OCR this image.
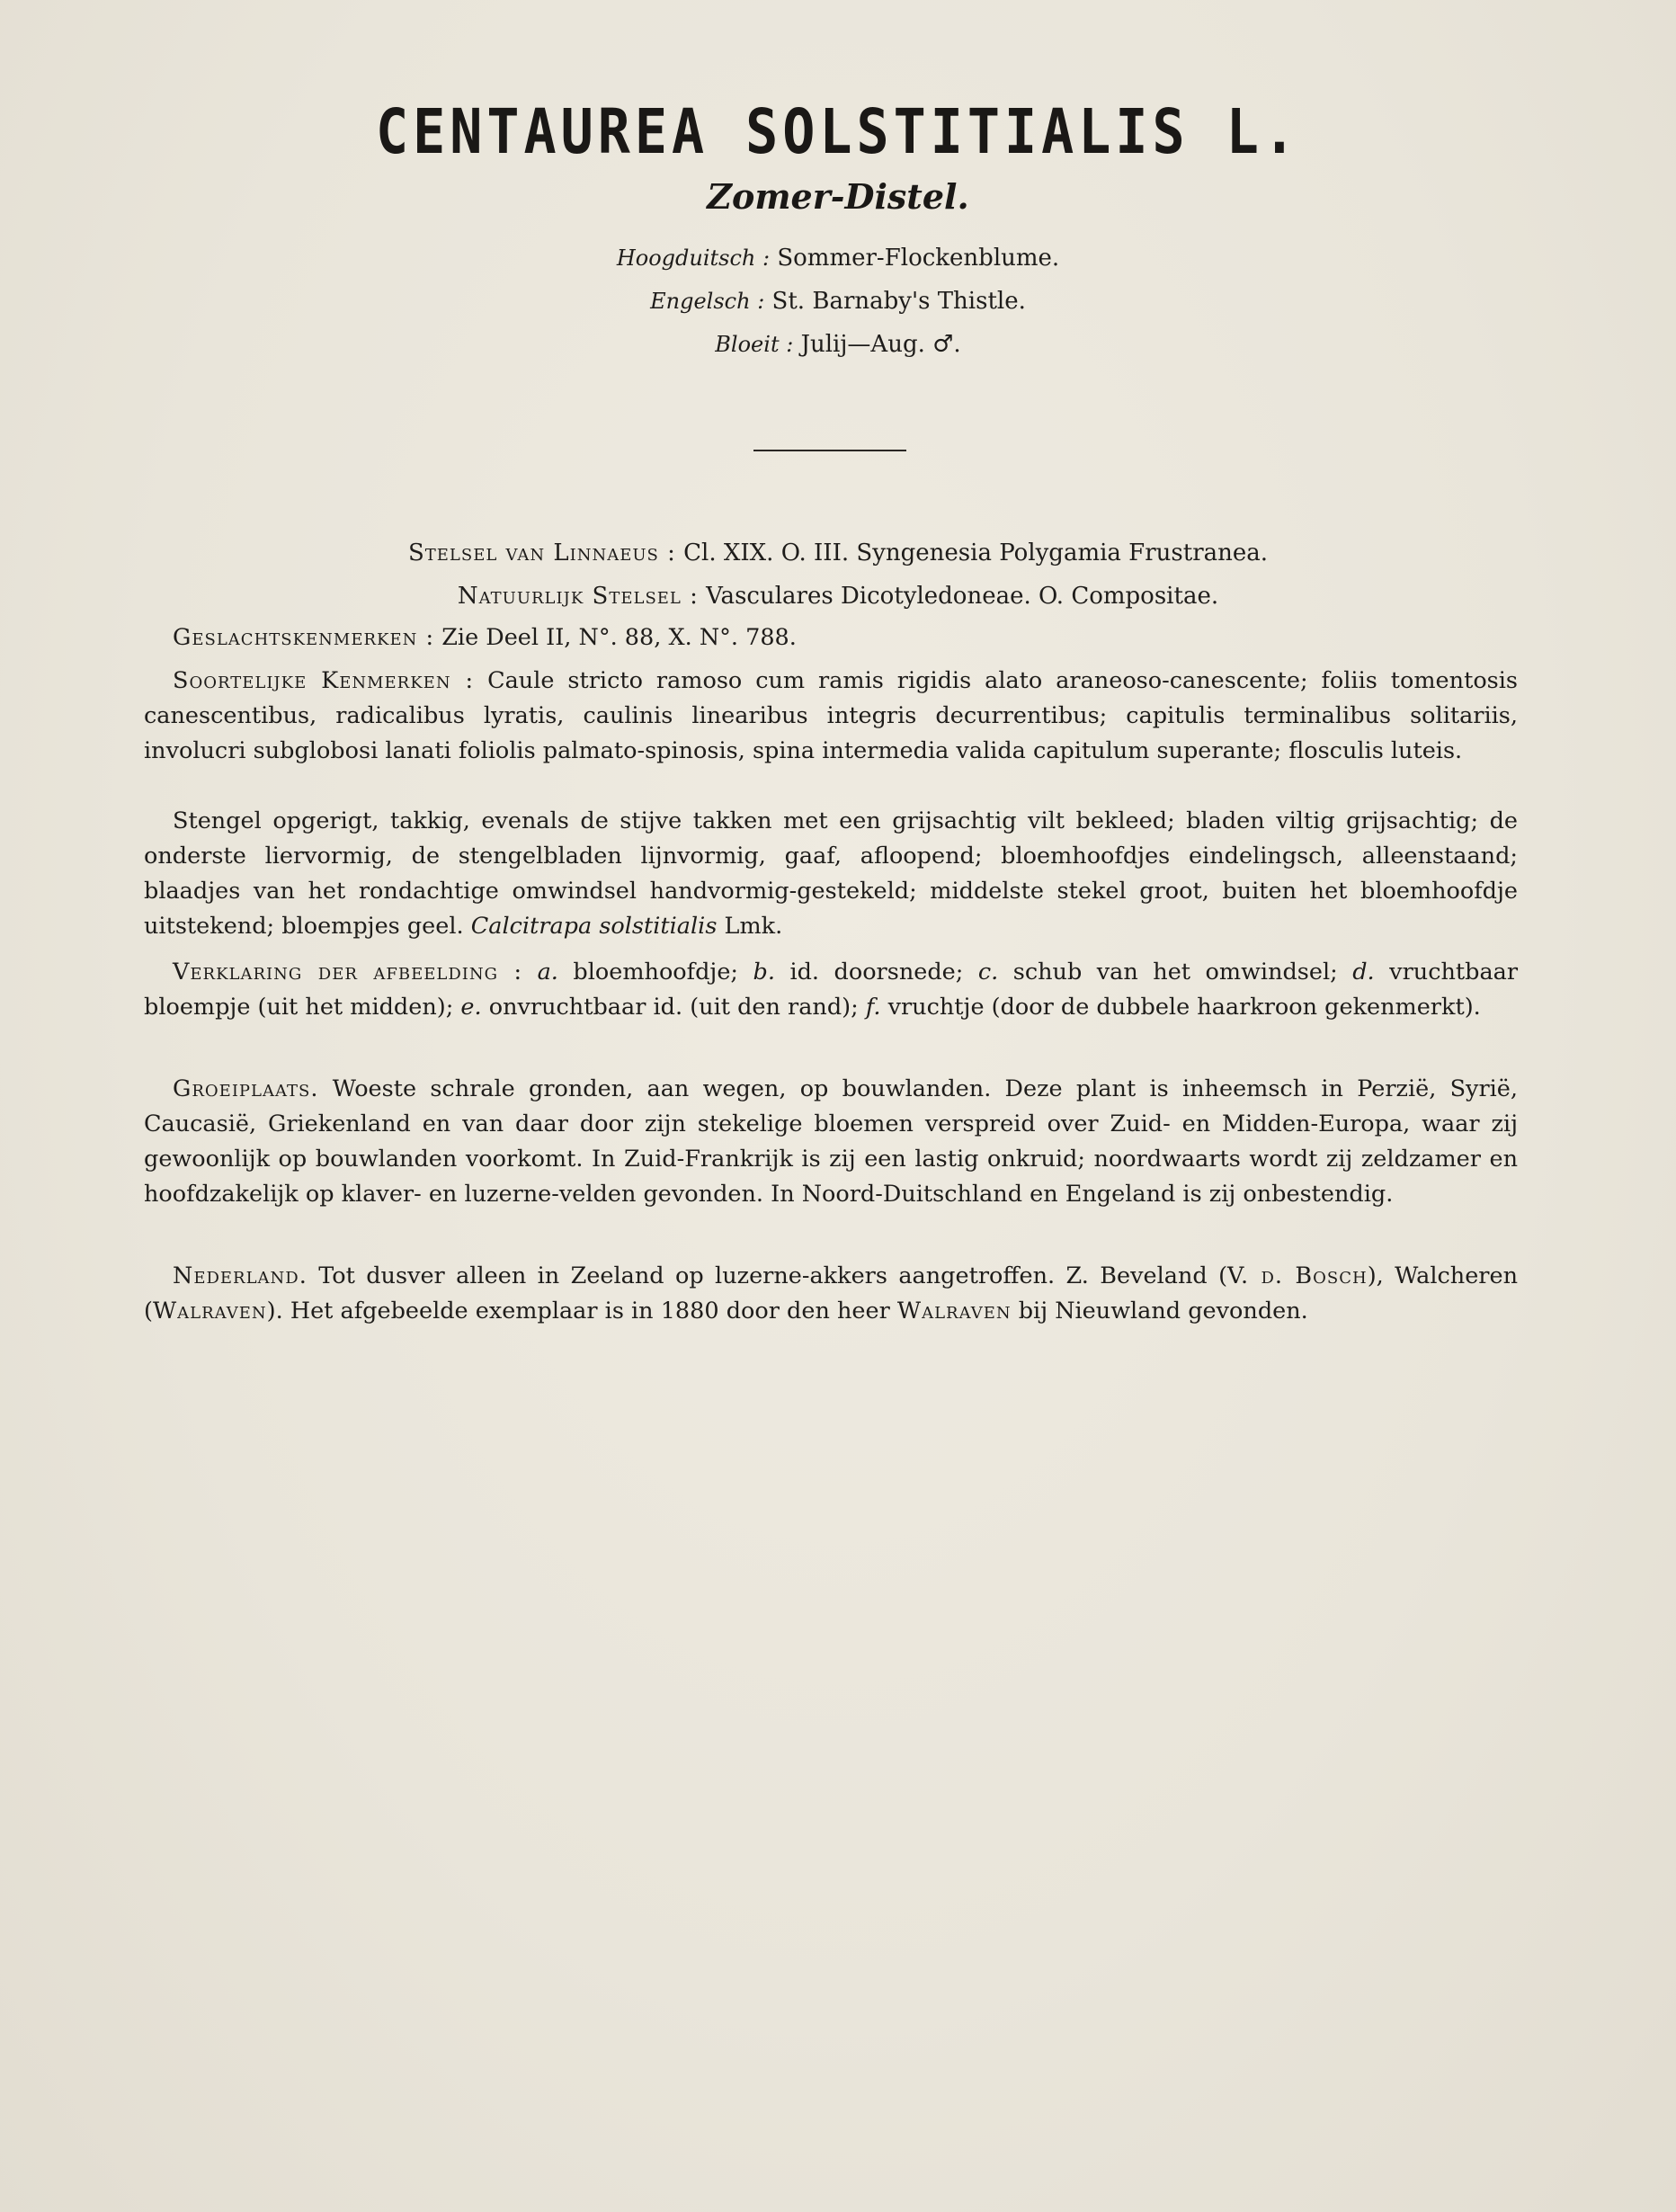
CENTAUREA SOLSTITIALIS L.
Zomer-Distel.
Hoogduitsch : Sommer-Flockenblume.
Engelsch : St. Barnaby's Thistle.
Bloeit : Julij—Aug. ♂.
Stelsel van Linnaeus : Cl. XIX. O. III. Syngenesia Polygamia Frustranea.
Natuurlijk Stelsel : Vasculares Dicotyledoneae. O. Compositae.

Geslachtskenmerken : Zie Deel II, N°. 88, X. N°. 788.

Soortelijke Kenmerken : Caule stricto ramoso cum ramis rigidis alato araneoso-canescente; foliis tomentosis canescentibus, radicalibus lyratis, caulinis linearibus integris decurrentibus; capitulis terminalibus solitariis, involucri subglobosi lanati foliolis palmato-spinosis, spina intermedia valida capitulum superante; flosculis luteis.

Stengel opgerigt, takkig, evenals de stijve takken met een grijsachtig vilt bekleed; bladen viltig grijsachtig; de onderste liervormig, de stengelbladen lijnvormig, gaaf, afloopend; bloemhoofdjes eindelingsch, alleenstaand; blaadjes van het rondachtige omwindsel handvormig-gestekeld; middelste stekel groot, buiten het bloemhoofdje uitstekend; bloempjes geel. Calcitrapa solstitialis Lmk.

Verklaring der afbeelding : a. bloemhoofdje; b. id. doorsnede; c. schub van het omwindsel; d. vruchtbaar bloempje (uit het midden); e. onvruchtbaar id. (uit den rand); f. vruchtje (door de dubbele haarkroon gekenmerkt).

Groeiplaats. Woeste schrale gronden, aan wegen, op bouwlanden. Deze plant is inheemsch in Perzië, Syrië, Caucasië, Griekenland en van daar door zijn stekelige bloemen verspreid over Zuid- en Midden-Europa, waar zij gewoonlijk op bouwlanden voorkomt. In Zuid-Frankrijk is zij een lastig onkruid; noordwaarts wordt zij zeldzamer en hoofdzakelijk op klaver- en luzerne-velden gevonden. In Noord-Duitschland en Engeland is zij onbestendig.

Nederland. Tot dusver alleen in Zeeland op luzerne-akkers aangetroffen. Z. Beveland (V. d. Bosch), Walcheren (Walraven). Het afgebeelde exemplaar is in 1880 door den heer Walraven bij Nieuwland gevonden.
